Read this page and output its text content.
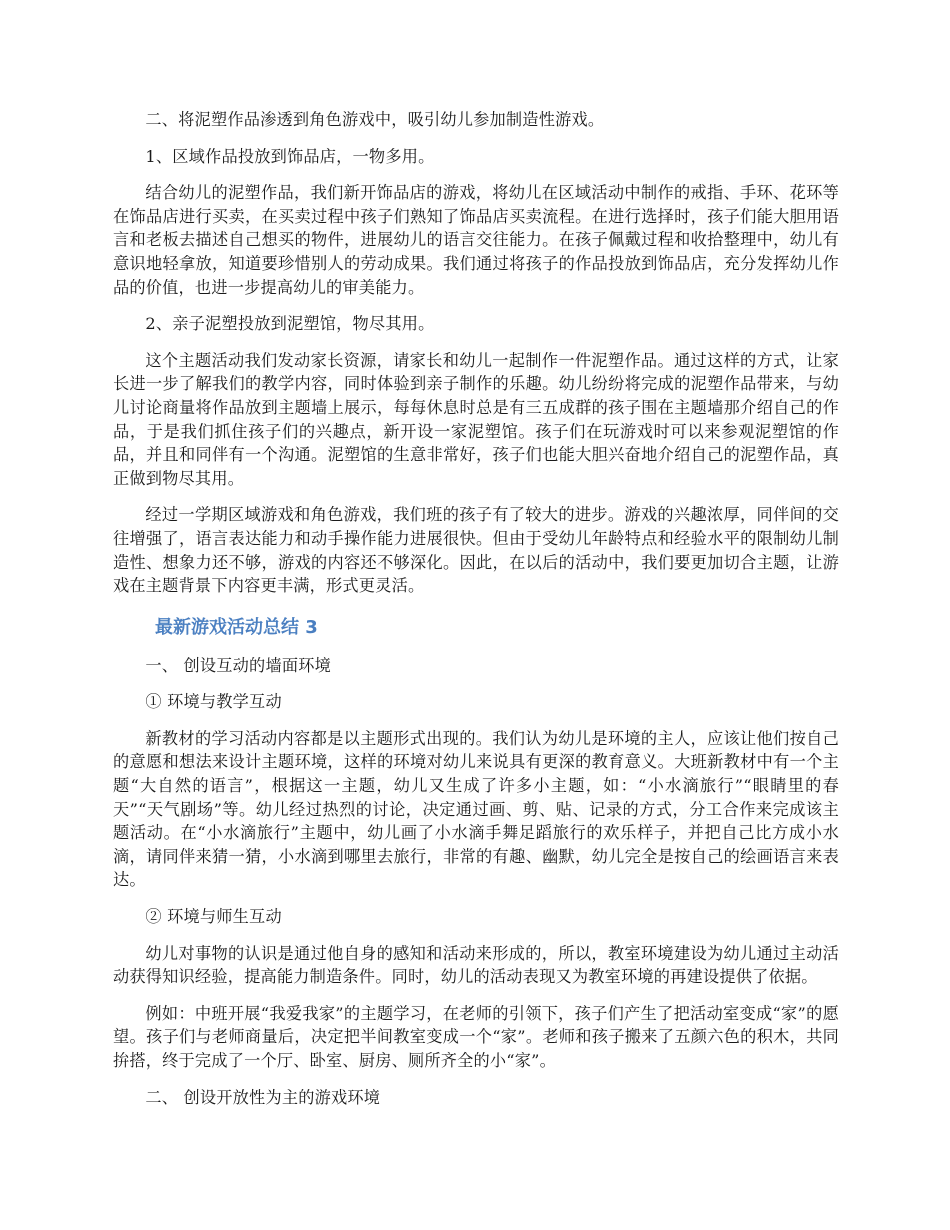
二、将泥塑作品渗透到角色游戏中，吸引幼儿参加制造性游戏。

1、区域作品投放到饰品店，一物多用。

结合幼儿的泥塑作品，我们新开饰品店的游戏，将幼儿在区域活动中制作的戒指、手环、花环等在饰品店进行买卖，在买卖过程中孩子们熟知了饰品店买卖流程。在进行选择时，孩子们能大胆用语言和老板去描述自己想买的物件，进展幼儿的语言交往能力。在孩子佩戴过程和收拾整理中，幼儿有意识地轻拿放，知道要珍惜别人的劳动成果。我们通过将孩子的作品投放到饰品店，充分发挥幼儿作品的价值，也进一步提高幼儿的审美能力。

2、亲子泥塑投放到泥塑馆，物尽其用。

这个主题活动我们发动家长资源，请家长和幼儿一起制作一件泥塑作品。通过这样的方式，让家长进一步了解我们的教学内容，同时体验到亲子制作的乐趣。幼儿纷纷将完成的泥塑作品带来，与幼儿讨论商量将作品放到主题墙上展示，每每休息时总是有三五成群的孩子围在主题墙那介绍自己的作品，于是我们抓住孩子们的兴趣点，新开设一家泥塑馆。孩子们在玩游戏时可以来参观泥塑馆的作品，并且和同伴有一个沟通。泥塑馆的生意非常好，孩子们也能大胆兴奋地介绍自己的泥塑作品，真正做到物尽其用。

经过一学期区域游戏和角色游戏，我们班的孩子有了较大的进步。游戏的兴趣浓厚，同伴间的交往增强了，语言表达能力和动手操作能力进展很快。但由于受幼儿年龄特点和经验水平的限制幼儿制造性、想象力还不够，游戏的内容还不够深化。因此，在以后的活动中，我们要更加切合主题，让游戏在主题背景下内容更丰满，形式更灵活。

最新游戏活动总结 3

一、 创设互动的墙面环境

① 环境与教学互动

新教材的学习活动内容都是以主题形式出现的。我们认为幼儿是环境的主人，应该让他们按自己的意愿和想法来设计主题环境，这样的环境对幼儿来说具有更深的教育意义。大班新教材中有一个主题“大自然的语言”，根据这一主题，幼儿又生成了许多小主题，如：“小水滴旅行”“眼睛里的春天”“天气剧场”等。幼儿经过热烈的讨论，决定通过画、剪、贴、记录的方式，分工合作来完成该主题活动。在“小水滴旅行”主题中，幼儿画了小水滴手舞足蹈旅行的欢乐样子，并把自己比方成小水滴，请同伴来猜一猜，小水滴到哪里去旅行，非常的有趣、幽默，幼儿完全是按自己的绘画语言来表达。

② 环境与师生互动

幼儿对事物的认识是通过他自身的感知和活动来形成的，所以，教室环境建设为幼儿通过主动活动获得知识经验，提高能力制造条件。同时，幼儿的活动表现又为教室环境的再建设提供了依据。

例如：中班开展“我爱我家”的主题学习，在老师的引领下，孩子们产生了把活动室变成“家”的愿望。孩子们与老师商量后，决定把半间教室变成一个“家”。老师和孩子搬来了五颜六色的积木，共同拚搭，终于完成了一个厅、卧室、厨房、厕所齐全的小“家”。

二、 创设开放性为主的游戏环境
